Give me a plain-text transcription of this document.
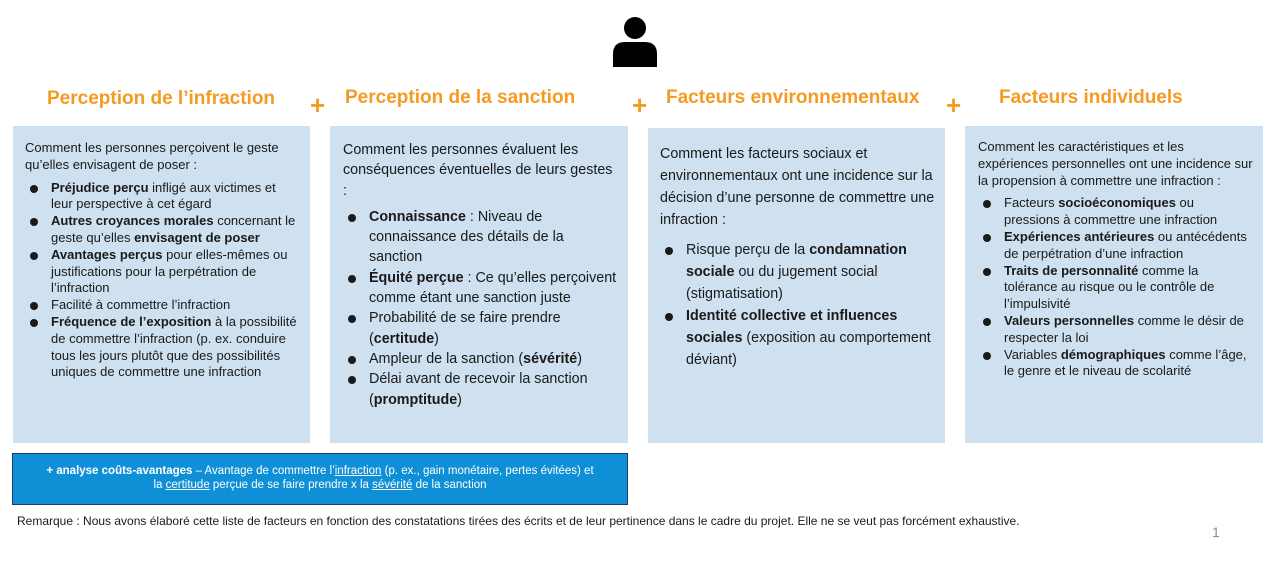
Perception de l’infraction	Perception de la sanction	Facteurs environnementaux	Facteurs individuels
+	+	+

Comment les personnes perçoivent le geste qu’elles envisagent de poser :

Préjudice perçu infligé aux victimes et leur perspective à cet égard
Autres croyances morales concernant le geste qu’elles envisagent de poser
Avantages perçus pour elles-mêmes ou justifications pour la perpétration de l’infraction
Facilité à commettre l’infraction
Fréquence de l’exposition à la possibilité de commettre l’infraction (p. ex. conduire tous les jours plutôt que des possibilités uniques de commettre une infraction

Comment les personnes évaluent les conséquences éventuelles de leurs gestes :

Connaissance : Niveau de connaissance des détails de la sanction
Équité perçue : Ce qu’elles perçoivent comme étant une sanction juste
Probabilité de se faire prendre (certitude)
Ampleur de la sanction (sévérité)
Délai avant de recevoir la sanction (promptitude)

Comment les facteurs sociaux et environnementaux ont une incidence sur la décision d’une personne de commettre une infraction :

Risque perçu de la condamnation sociale ou du jugement social (stigmatisation)
Identité collective et influences sociales (exposition au comportement déviant)

Comment les caractéristiques et les expériences personnelles ont une incidence sur la propension à commettre une infraction :

Facteurs socioéconomiques ou pressions à commettre une infraction
Expériences antérieures ou antécédents de perpétration d’une infraction
Traits de personnalité comme la tolérance au risque ou le contrôle de l’impulsivité
Valeurs personnelles comme le désir de respecter la loi
Variables démographiques comme l’âge, le genre et le niveau de scolarité
+ analyse coûts-avantages – Avantage de commettre l’infraction (p. ex., gain monétaire, pertes évitées) et la certitude perçue de se faire prendre x la sévérité de la sanction
Remarque : Nous avons élaboré cette liste de facteurs en fonction des constatations tirées des écrits et de leur pertinence dans le cadre du projet. Elle ne se veut pas forcément exhaustive.
1
